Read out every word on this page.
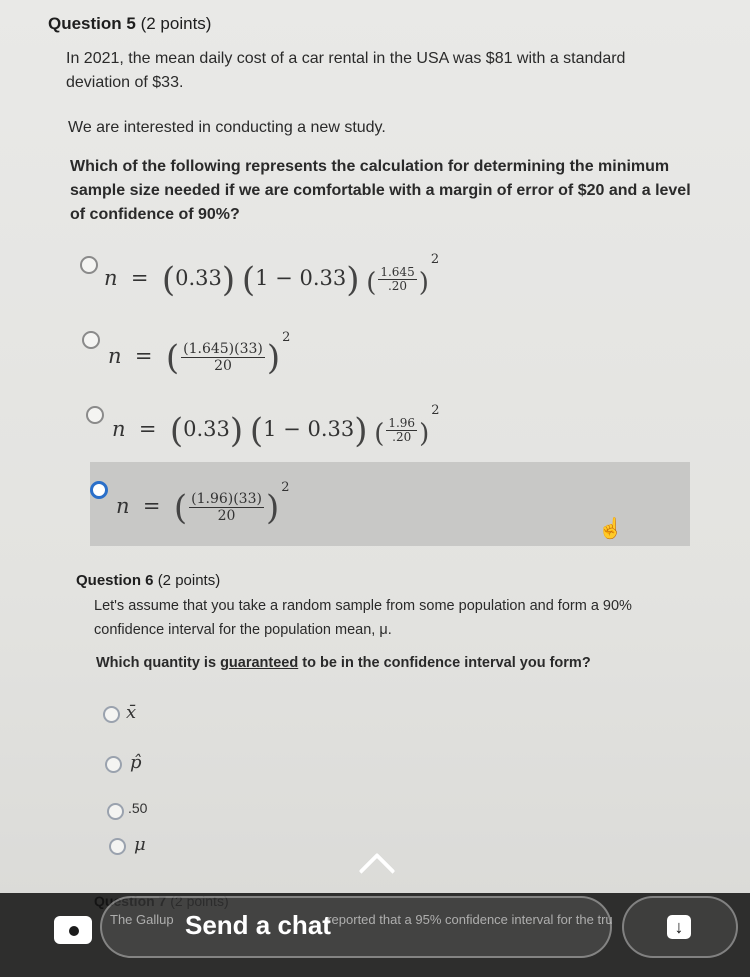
Question 5 (2 points)
In 2021, the mean daily cost of a car rental in the USA was $81 with a standard deviation of $33.
We are interested in conducting a new study.
Which of the following represents the calculation for determining the minimum sample size needed if we are comfortable with a margin of error of $20 and a level of confidence of 90%?
n = (0.33) (1 − 0.33) ( $\frac{1.645}{.20} )^2$
n = ( $\frac{(1.645)(33)}{20} )^2$
n = (0.33) (1 − 0.33) ( $\frac{1.96}{.20} )^2$
n = ( $\frac{(1.96)(33)}{20} )^2$
☝
Question 6 (2 points)
Let's assume that you take a random sample from some population and form a 90% confidence interval for the population mean, μ.
Which quantity is guaranteed to be in the confidence interval you form?
x̄
p̂
.50
μ
The Gallup	reported that a 95% confidence interval for the tru
Send a chat	↓
